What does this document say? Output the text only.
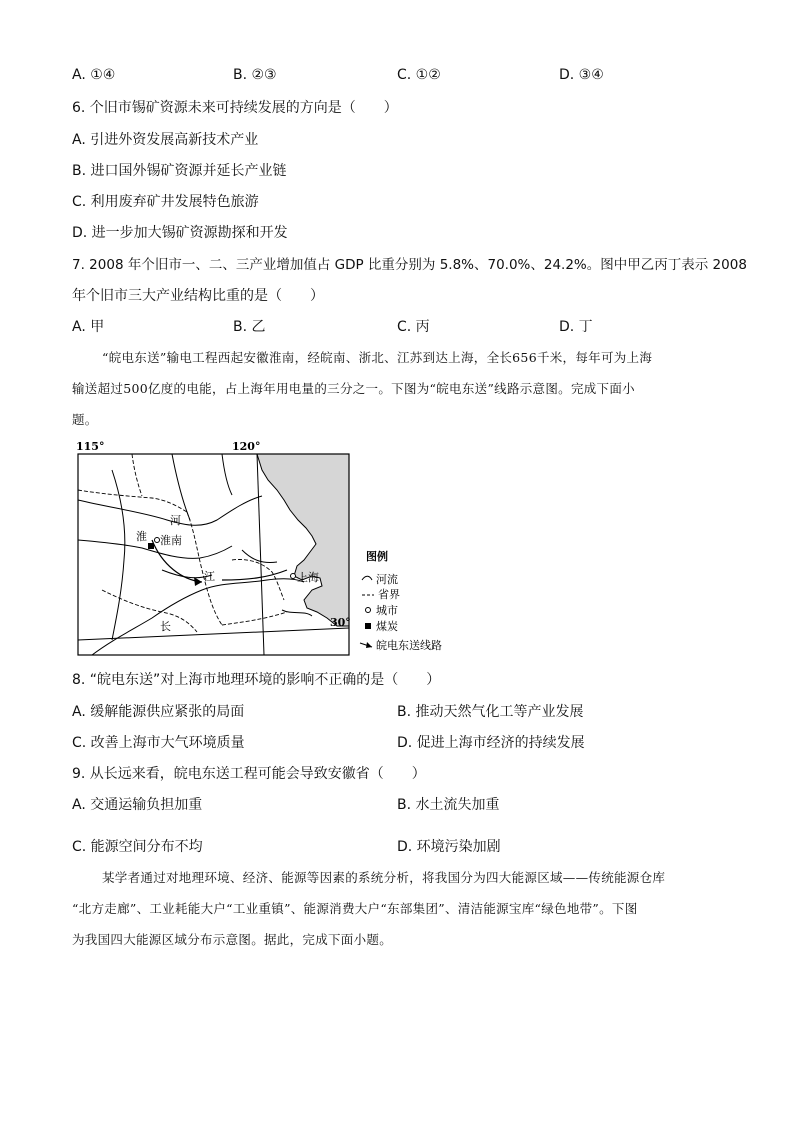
A. ①④	B. ②③	C. ①②	D. ③④
6. 个旧市锡矿资源未来可持续发展的方向是（　　）
A. 引进外资发展高新技术产业
B. 进口国外锡矿资源并延长产业链
C. 利用废弃矿井发展特色旅游
D. 进一步加大锡矿资源勘探和开发
7. 2008 年个旧市一、二、三产业增加值占 GDP 比重分别为 5.8%、70.0%、24.2%。图中甲乙丙丁表示 2008
年个旧市三大产业结构比重的是（　　）
A. 甲	B. 乙	C. 丙	D. 丁
“皖电东送”输电工程西起安徽淮南，经皖南、浙北、江苏到达上海，全长656千米，每年可为上海
输送超过500亿度的电能，占上海年用电量的三分之一。下图为“皖电东送”线路示意图。完成下面小
题。
115°	120°
河
淮 淮南
江	上海
长	30°
图例
河流
省界
城市
煤炭
皖电东送线路
8. “皖电东送”对上海市地理环境的影响不正确的是（　　）
A. 缓解能源供应紧张的局面	B. 推动天然气化工等产业发展
C. 改善上海市大气环境质量	D. 促进上海市经济的持续发展
9. 从长远来看，皖电东送工程可能会导致安徽省（　　）
A. 交通运输负担加重	B. 水土流失加重
C. 能源空间分布不均	D. 环境污染加剧
某学者通过对地理环境、经济、能源等因素的系统分析，将我国分为四大能源区域——传统能源仓库
“北方走廊”、工业耗能大户“工业重镇”、能源消费大户“东部集团”、清洁能源宝库“绿色地带”。下图
为我国四大能源区域分布示意图。据此，完成下面小题。
